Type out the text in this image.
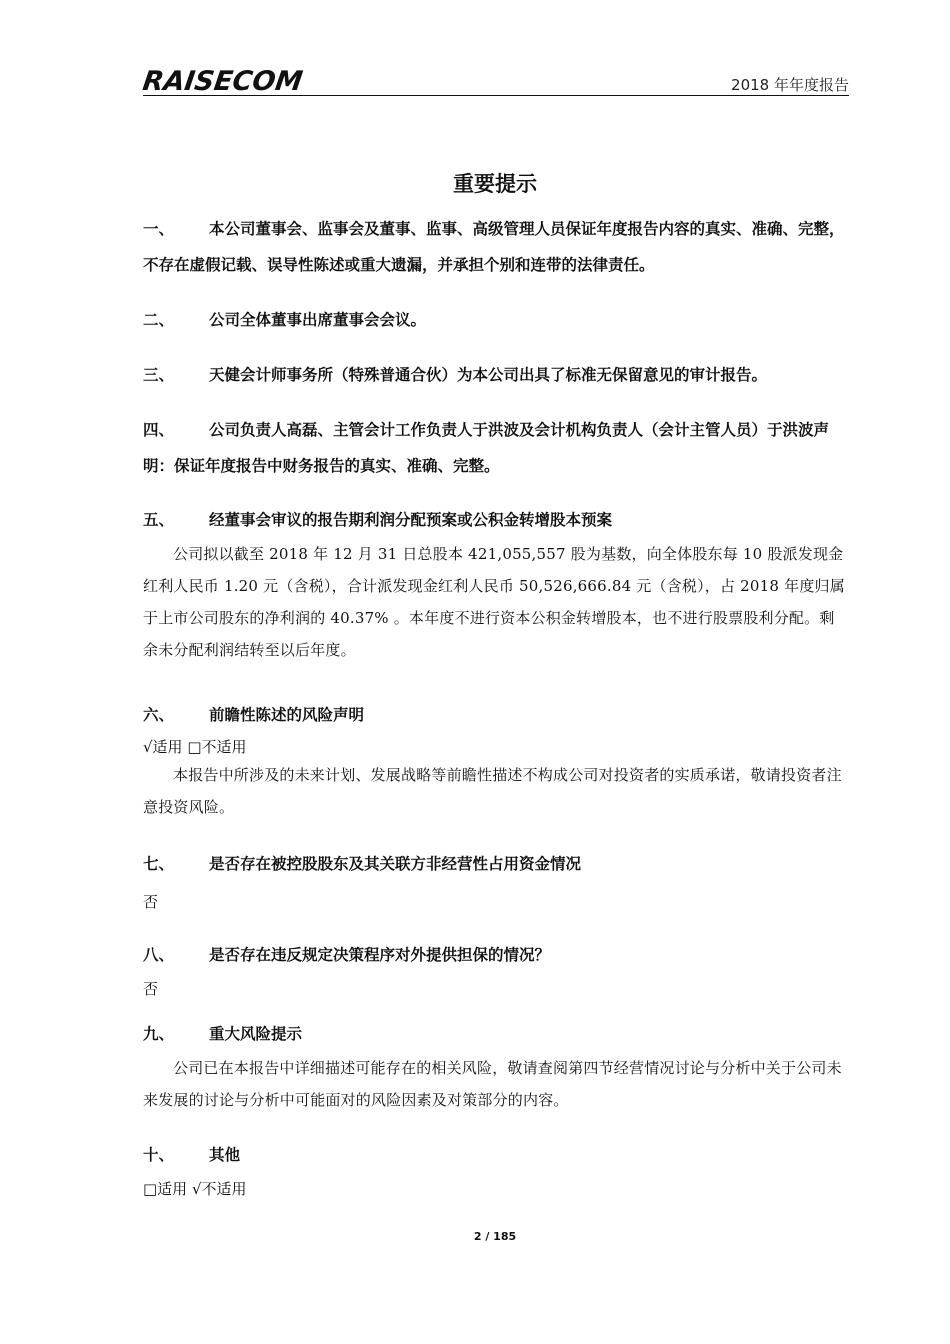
RAISECOM	2018 年年度报告
重要提示
一、 本公司董事会、监事会及董事、监事、高级管理人员保证年度报告内容的真实、准确、完整，不存在虚假记载、误导性陈述或重大遗漏，并承担个别和连带的法律责任。
二、 公司全体董事出席董事会会议。
三、 天健会计师事务所（特殊普通合伙）为本公司出具了标准无保留意见的审计报告。
四、 公司负责人高磊、主管会计工作负责人于洪波及会计机构负责人（会计主管人员）于洪波声明：保证年度报告中财务报告的真实、准确、完整。
五、 经董事会审议的报告期利润分配预案或公积金转增股本预案
公司拟以截至 2018 年 12 月 31 日总股本 421,055,557 股为基数，向全体股东每 10 股派发现金红利人民币 1.20 元（含税），合计派发现金红利人民币 50,526,666.84 元（含税），占 2018 年度归属于上市公司股东的净利润的 40.37% 。本年度不进行资本公积金转增股本，也不进行股票股利分配。剩余未分配利润结转至以后年度。
六、 前瞻性陈述的风险声明
√适用 □不适用
本报告中所涉及的未来计划、发展战略等前瞻性描述不构成公司对投资者的实质承诺，敬请投资者注意投资风险。
七、 是否存在被控股股东及其关联方非经营性占用资金情况
否
八、 是否存在违反规定决策程序对外提供担保的情况？
否
九、 重大风险提示
公司已在本报告中详细描述可能存在的相关风险，敬请查阅第四节经营情况讨论与分析中关于公司未来发展的讨论与分析中可能面对的风险因素及对策部分的内容。
十、 其他
□适用 √不适用
2 / 185
